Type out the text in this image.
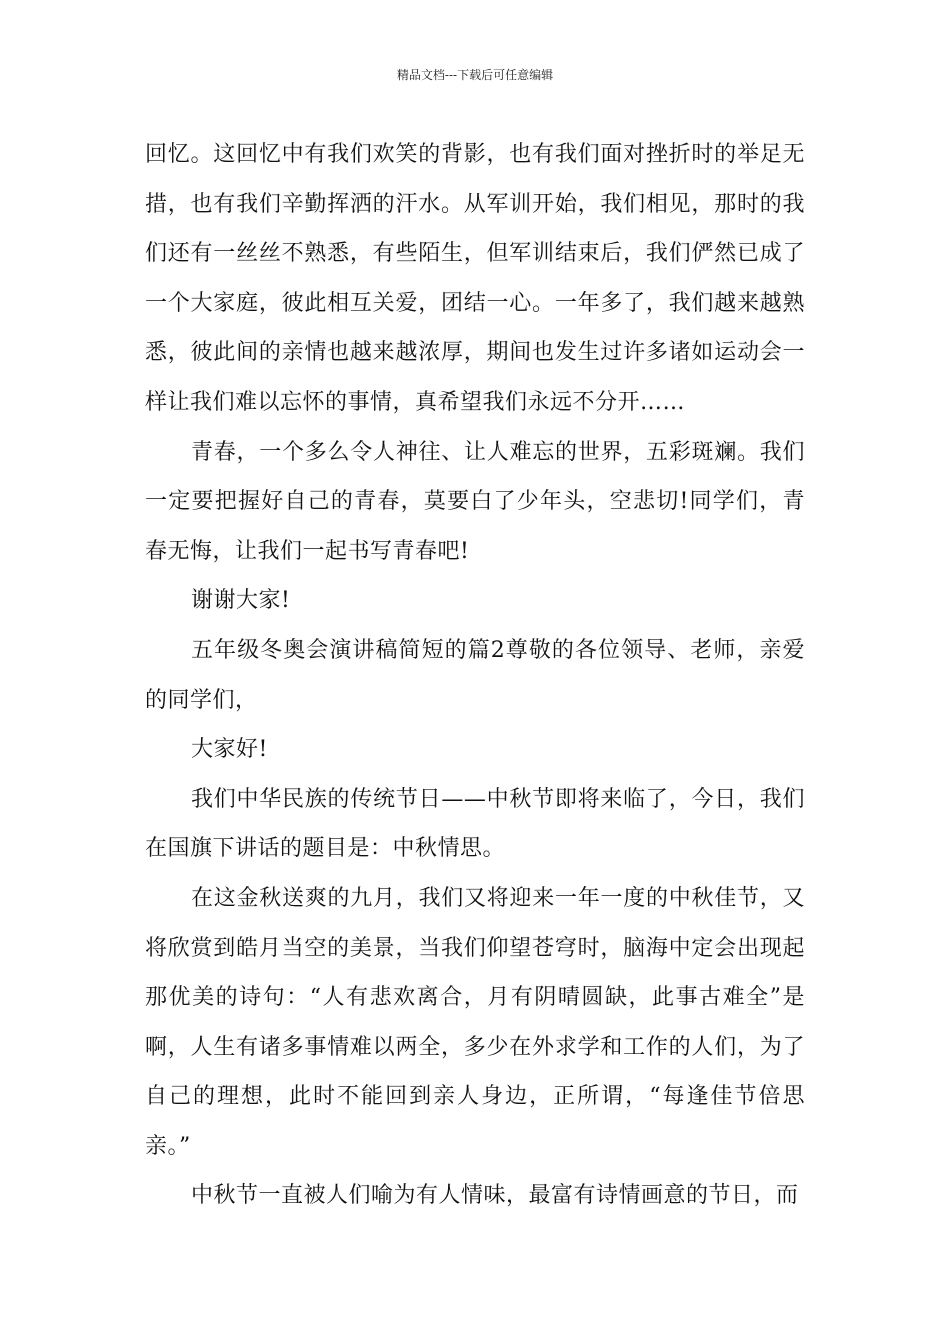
精品文档---下载后可任意编辑

回忆。这回忆中有我们欢笑的背影，也有我们面对挫折时的举足无措，也有我们辛勤挥洒的汗水。从军训开始，我们相见，那时的我们还有一丝丝不熟悉，有些陌生，但军训结束后，我们俨然已成了一个大家庭，彼此相互关爱，团结一心。一年多了，我们越来越熟悉，彼此间的亲情也越来越浓厚，期间也发生过许多诸如运动会一样让我们难以忘怀的事情，真希望我们永远不分开……

青春，一个多么令人神往、让人难忘的世界，五彩斑斓。我们一定要把握好自己的青春，莫要白了少年头，空悲切!同学们，青春无悔，让我们一起书写青春吧!

谢谢大家!

五年级冬奥会演讲稿简短的篇2尊敬的各位领导、老师，亲爱的同学们，

大家好!

我们中华民族的传统节日——中秋节即将来临了，今日，我们在国旗下讲话的题目是：中秋情思。

在这金秋送爽的九月，我们又将迎来一年一度的中秋佳节，又将欣赏到皓月当空的美景，当我们仰望苍穹时，脑海中定会出现起那优美的诗句：“人有悲欢离合，月有阴晴圆缺，此事古难全”是啊，人生有诸多事情难以两全，多少在外求学和工作的人们，为了自己的理想，此时不能回到亲人身边，正所谓，“每逢佳节倍思亲。”

中秋节一直被人们喻为有人情味，最富有诗情画意的节日，而
